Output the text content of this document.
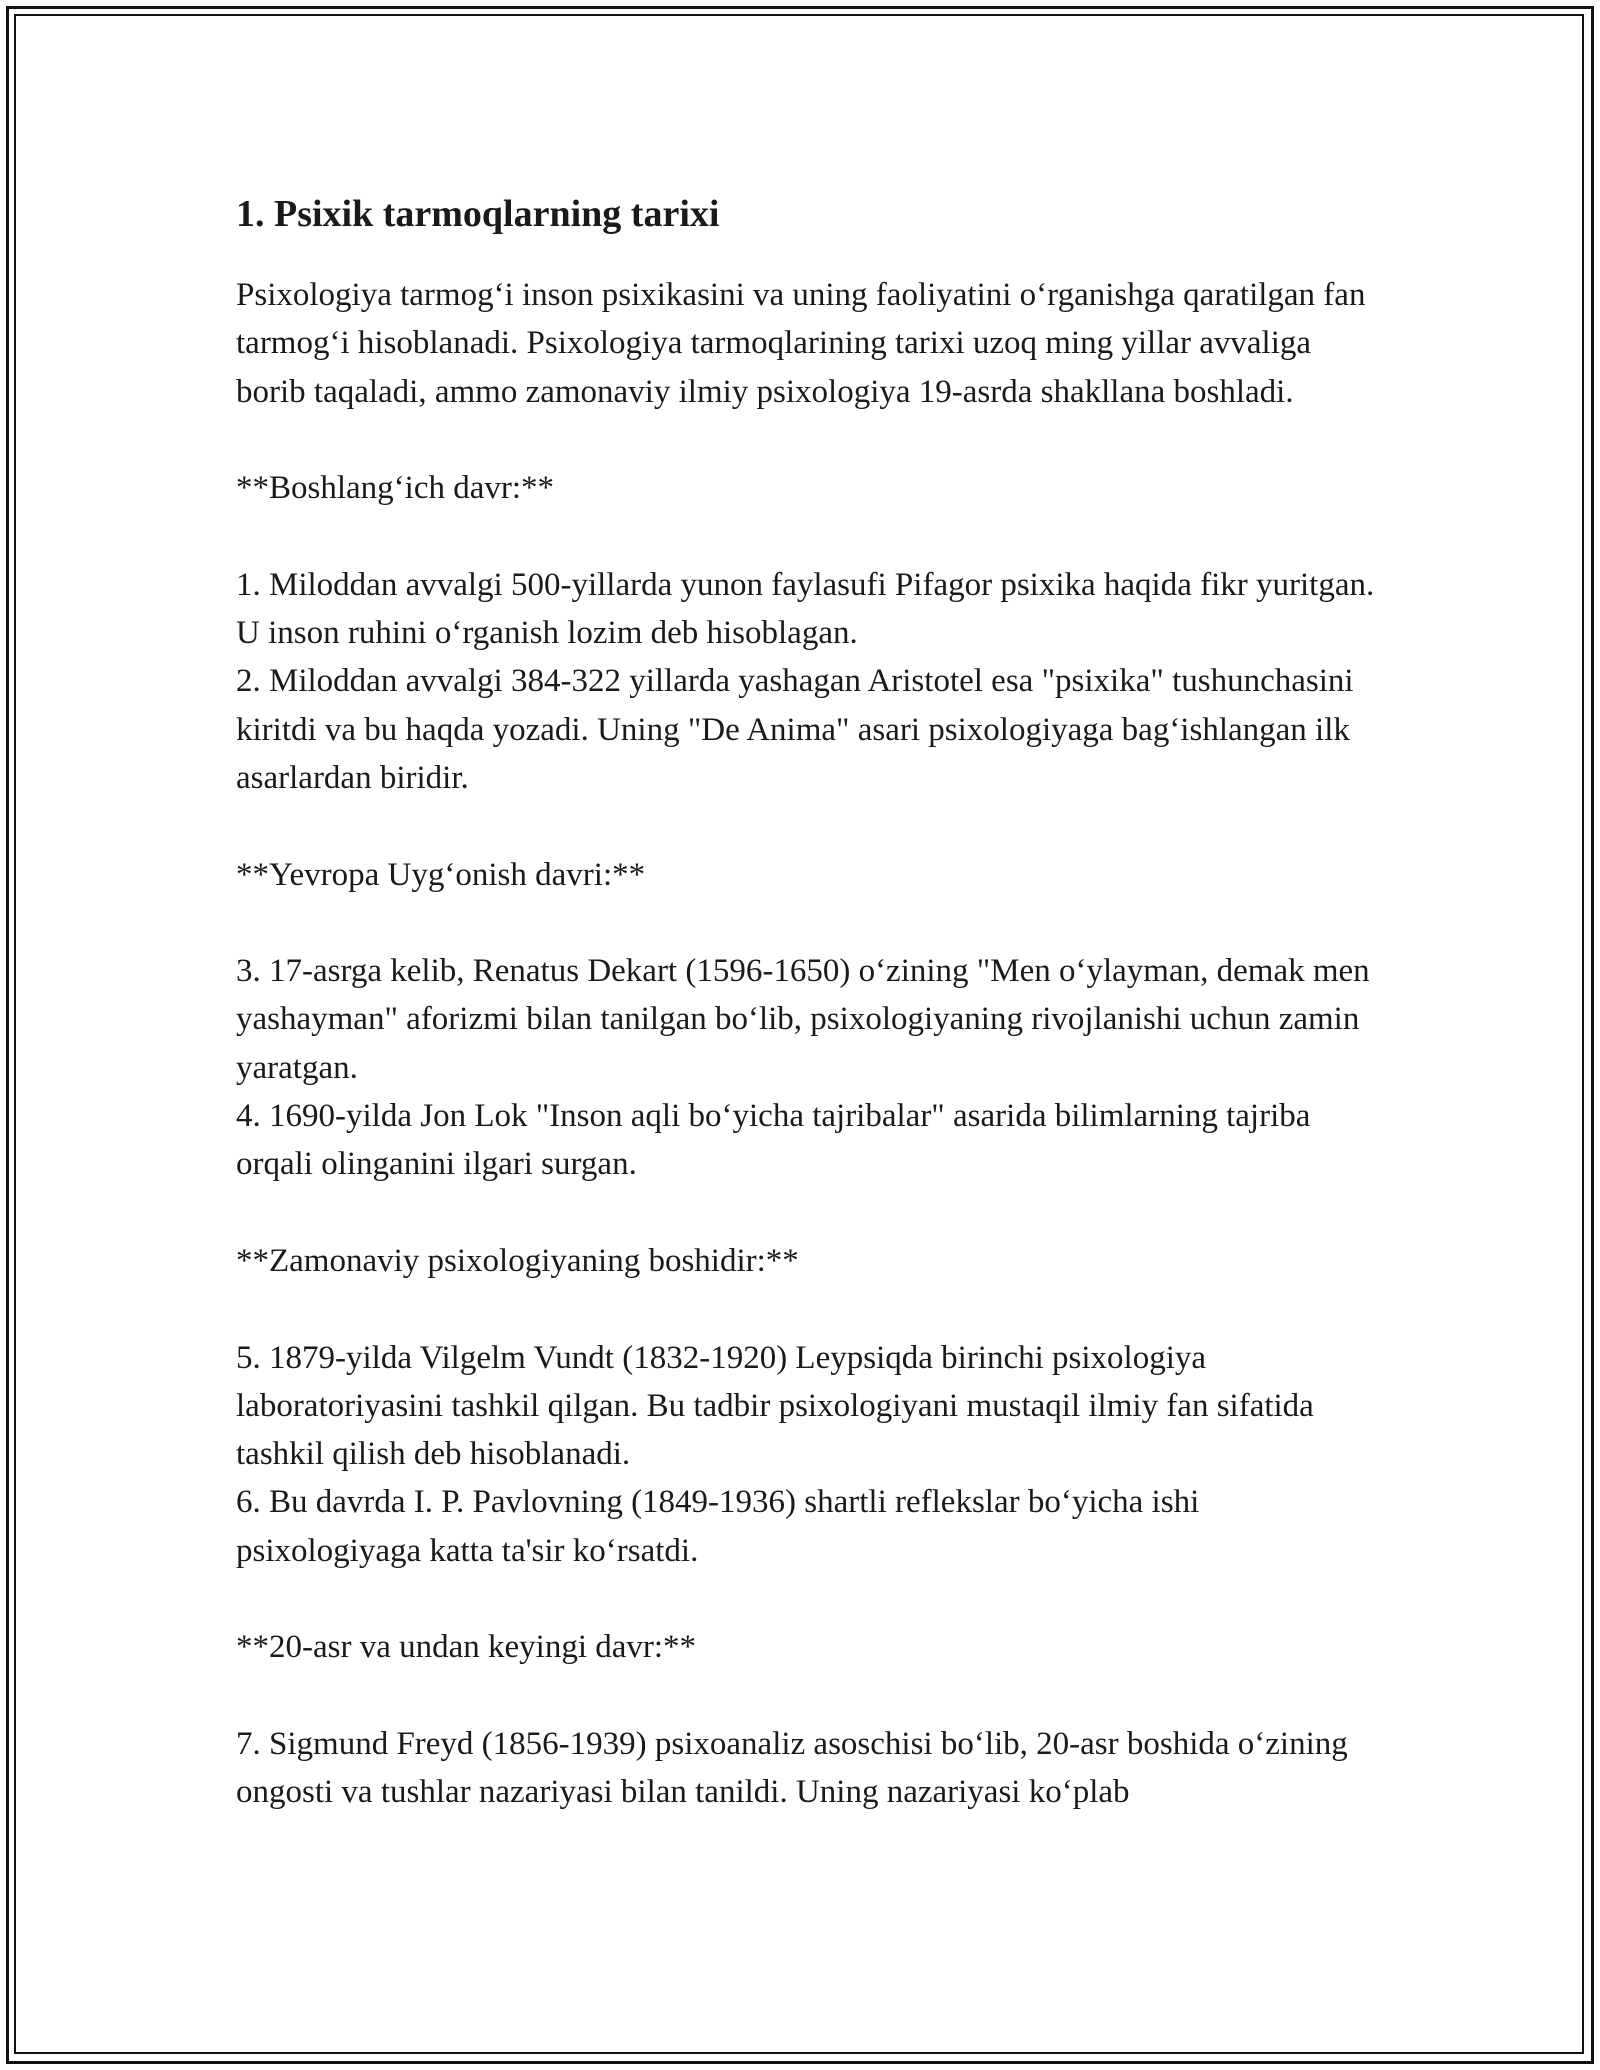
1. Psixik tarmoqlarning tarixi

Psixologiya tarmog‘i inson psixikasini va uning faoliyatini o‘rganishga qaratilgan fan tarmog‘i hisoblanadi. Psixologiya tarmoqlarining tarixi uzoq ming yillar avvaliga borib taqaladi, ammo zamonaviy ilmiy psixologiya 19-asrda shakllana boshladi.

**Boshlang‘ich davr:**

1. Miloddan avvalgi 500-yillarda yunon faylasufi Pifagor psixika haqida fikr yuritgan. U inson ruhini o‘rganish lozim deb hisoblagan.

2. Miloddan avvalgi 384-322 yillarda yashagan Aristotel esa "psixika" tushunchasini kiritdi va bu haqda yozadi. Uning "De Anima" asari psixologiyaga bag‘ishlangan ilk asarlardan biridir.

**Yevropa Uyg‘onish davri:**

3. 17-asrga kelib, Renatus Dekart (1596-1650) o‘zining "Men o‘ylayman, demak men yashayman" aforizmi bilan tanilgan bo‘lib, psixologiyaning rivojlanishi uchun zamin yaratgan.

4. 1690-yilda Jon Lok "Inson aqli bo‘yicha tajribalar" asarida bilimlarning tajriba orqali olinganini ilgari surgan.

**Zamonaviy psixologiyaning boshidir:**

5. 1879-yilda Vilgelm Vundt (1832-1920) Leypsiqda birinchi psixologiya laboratoriyasini tashkil qilgan. Bu tadbir psixologiyani mustaqil ilmiy fan sifatida tashkil qilish deb hisoblanadi.

6. Bu davrda I. P. Pavlovning (1849-1936) shartli reflekslar bo‘yicha ishi psixologiyaga katta ta'sir ko‘rsatdi.

**20-asr va undan keyingi davr:**

7. Sigmund Freyd (1856-1939) psixoanaliz asoschisi bo‘lib, 20-asr boshida o‘zining ongosti va tushlar nazariyasi bilan tanildi. Uning nazariyasi ko‘plab
